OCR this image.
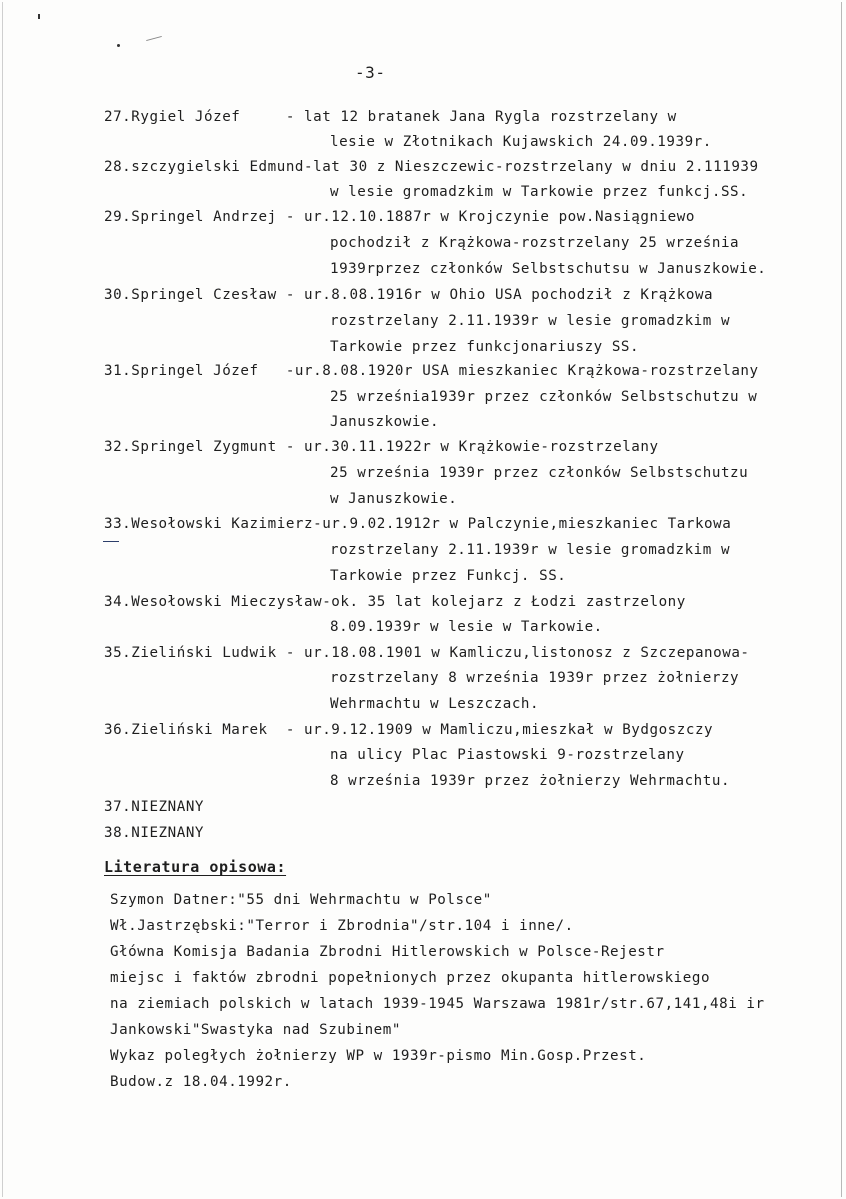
-3-
27.Rygiel Józef     - lat 12 bratanek Jana Rygla rozstrzelany w
lesie w Złotnikach Kujawskich 24.09.1939r.
28.szczygielski Edmund-lat 30 z Nieszczewic-rozstrzelany w dniu 2.111939
w lesie gromadzkim w Tarkowie przez funkcj.SS.
29.Springel Andrzej - ur.12.10.1887r w Krojczynie pow.Nasiągniewo
pochodził z Krążkowa-rozstrzelany 25 września
1939rprzez członków Selbstschutsu w Januszkowie.
30.Springel Czesław - ur.8.08.1916r w Ohio USA pochodził z Krążkowa
rozstrzelany 2.11.1939r w lesie gromadzkim w
Tarkowie przez funkcjonariuszy SS.
31.Springel Józef   -ur.8.08.1920r USA mieszkaniec Krążkowa-rozstrzelany
25 września1939r przez członków Selbstschutzu w
Januszkowie.
32.Springel Zygmunt - ur.30.11.1922r w Krążkowie-rozstrzelany
25 września 1939r przez członków Selbstschutzu
w Januszkowie.
33.Wesołowski Kazimierz-ur.9.02.1912r w Palczynie,mieszkaniec Tarkowa
rozstrzelany 2.11.1939r w lesie gromadzkim w
Tarkowie przez Funkcj. SS.
34.Wesołowski Mieczysław-ok. 35 lat kolejarz z Łodzi zastrzelony
8.09.1939r w lesie w Tarkowie.
35.Zieliński Ludwik - ur.18.08.1901 w Kamliczu,listonosz z Szczepanowa-
rozstrzelany 8 września 1939r przez żołnierzy
Wehrmachtu w Leszczach.
36.Zieliński Marek  - ur.9.12.1909 w Mamliczu,mieszkał w Bydgoszczy
na ulicy Plac Piastowski 9-rozstrzelany
8 września 1939r przez żołnierzy Wehrmachtu.
37.NIEZNANY
38.NIEZNANY
Literatura opisowa:
Szymon Datner:"55 dni Wehrmachtu w Polsce"
Wł.Jastrzębski:"Terror i Zbrodnia"/str.104 i inne/.
Główna Komisja Badania Zbrodni Hitlerowskich w Polsce-Rejestr
miejsc i faktów zbrodni popełnionych przez okupanta hitlerowskiego
na ziemiach polskich w latach 1939-1945 Warszawa 1981r/str.67,141,48i ir
Jankowski"Swastyka nad Szubinem"
Wykaz poległych żołnierzy WP w 1939r-pismo Min.Gosp.Przest.
Budow.z 18.04.1992r.
